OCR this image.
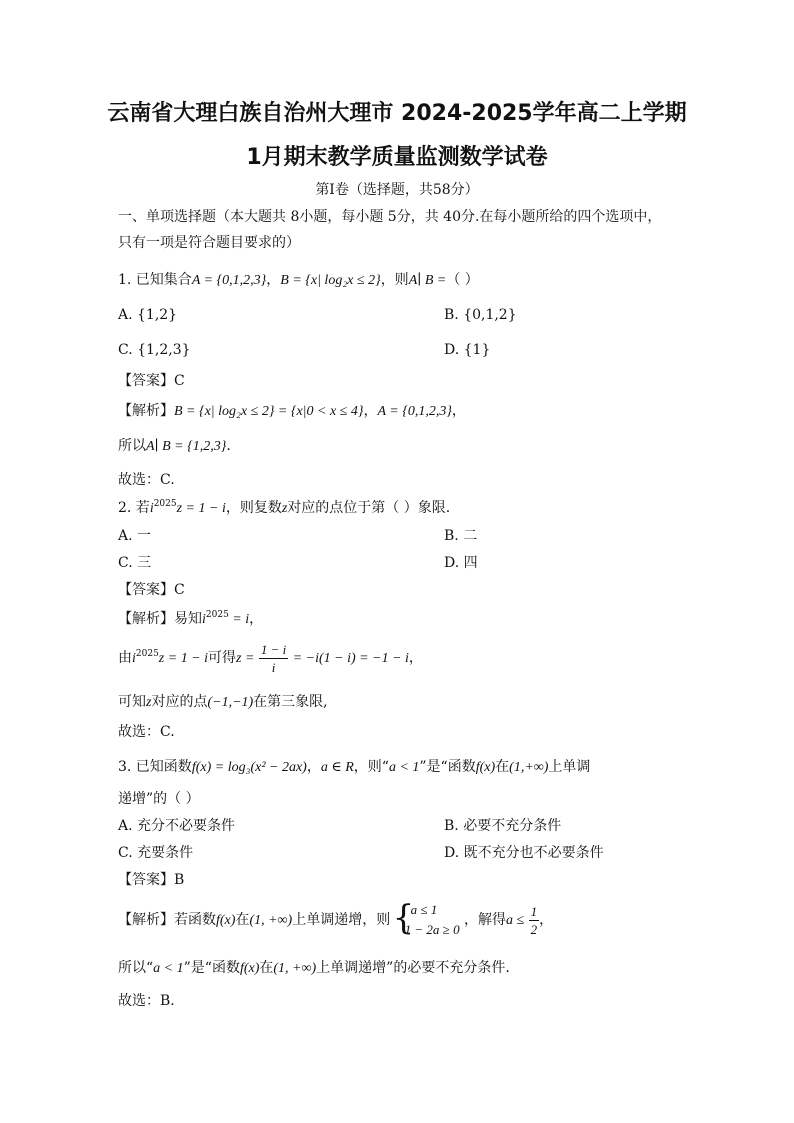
云南省大理白族自治州大理市 2024-2025学年高二上学期
1月期末教学质量监测数学试卷
第I卷（选择题，共58分）
一、单项选择题（本大题共 8小题，每小题 5分，共 40分.在每小题所给的四个选项中，
只有一项是符合题目要求的）
1. 已知集合A = {0,1,2,3}，B = {x| log₂x ≤ 2}，则A∣ B =（ ）
A. {1,2}	B. {0,1,2}
C. {1,2,3}	D. {1}
【答案】C
【解析】B = {x| log₂x ≤ 2} = {x|0 < x ≤ 4}，A = {0,1,2,3}，
所以A∣ B = {1,2,3}.
故选：C.
2. 若$i^{2025}z = 1 - i$，则复数z对应的点位于第（ ）象限.
A. 一	B. 二
C. 三	D. 四
【答案】C
【解析】易知$i^{2025} = i$，
由$i^{2025}z = 1 - i$可得$z = \frac{1 - i}{i} = -i(1 - i) = -1 - i$，
可知z对应的点(−1,−1)在第三象限,
故选：C.
3. 已知函数f(x) = log₃(x² − 2ax)，a ∈ R，则“a < 1”是“函数f(x)在(1,+∞)上单调
递增”的（ ）
A. 充分不必要条件	B. 必要不充分条件
C. 充要条件	D. 既不充分也不必要条件
【答案】B
【解析】若函数f(x)在(1, +∞)上单调递增，则 {
a ≤ 1
1 − 2a ≥ 0
，解得$a \le \frac{1}{2}$ ，
所以“a < 1”是“函数f(x)在(1, +∞)上单调递增”的必要不充分条件.
故选：B.
